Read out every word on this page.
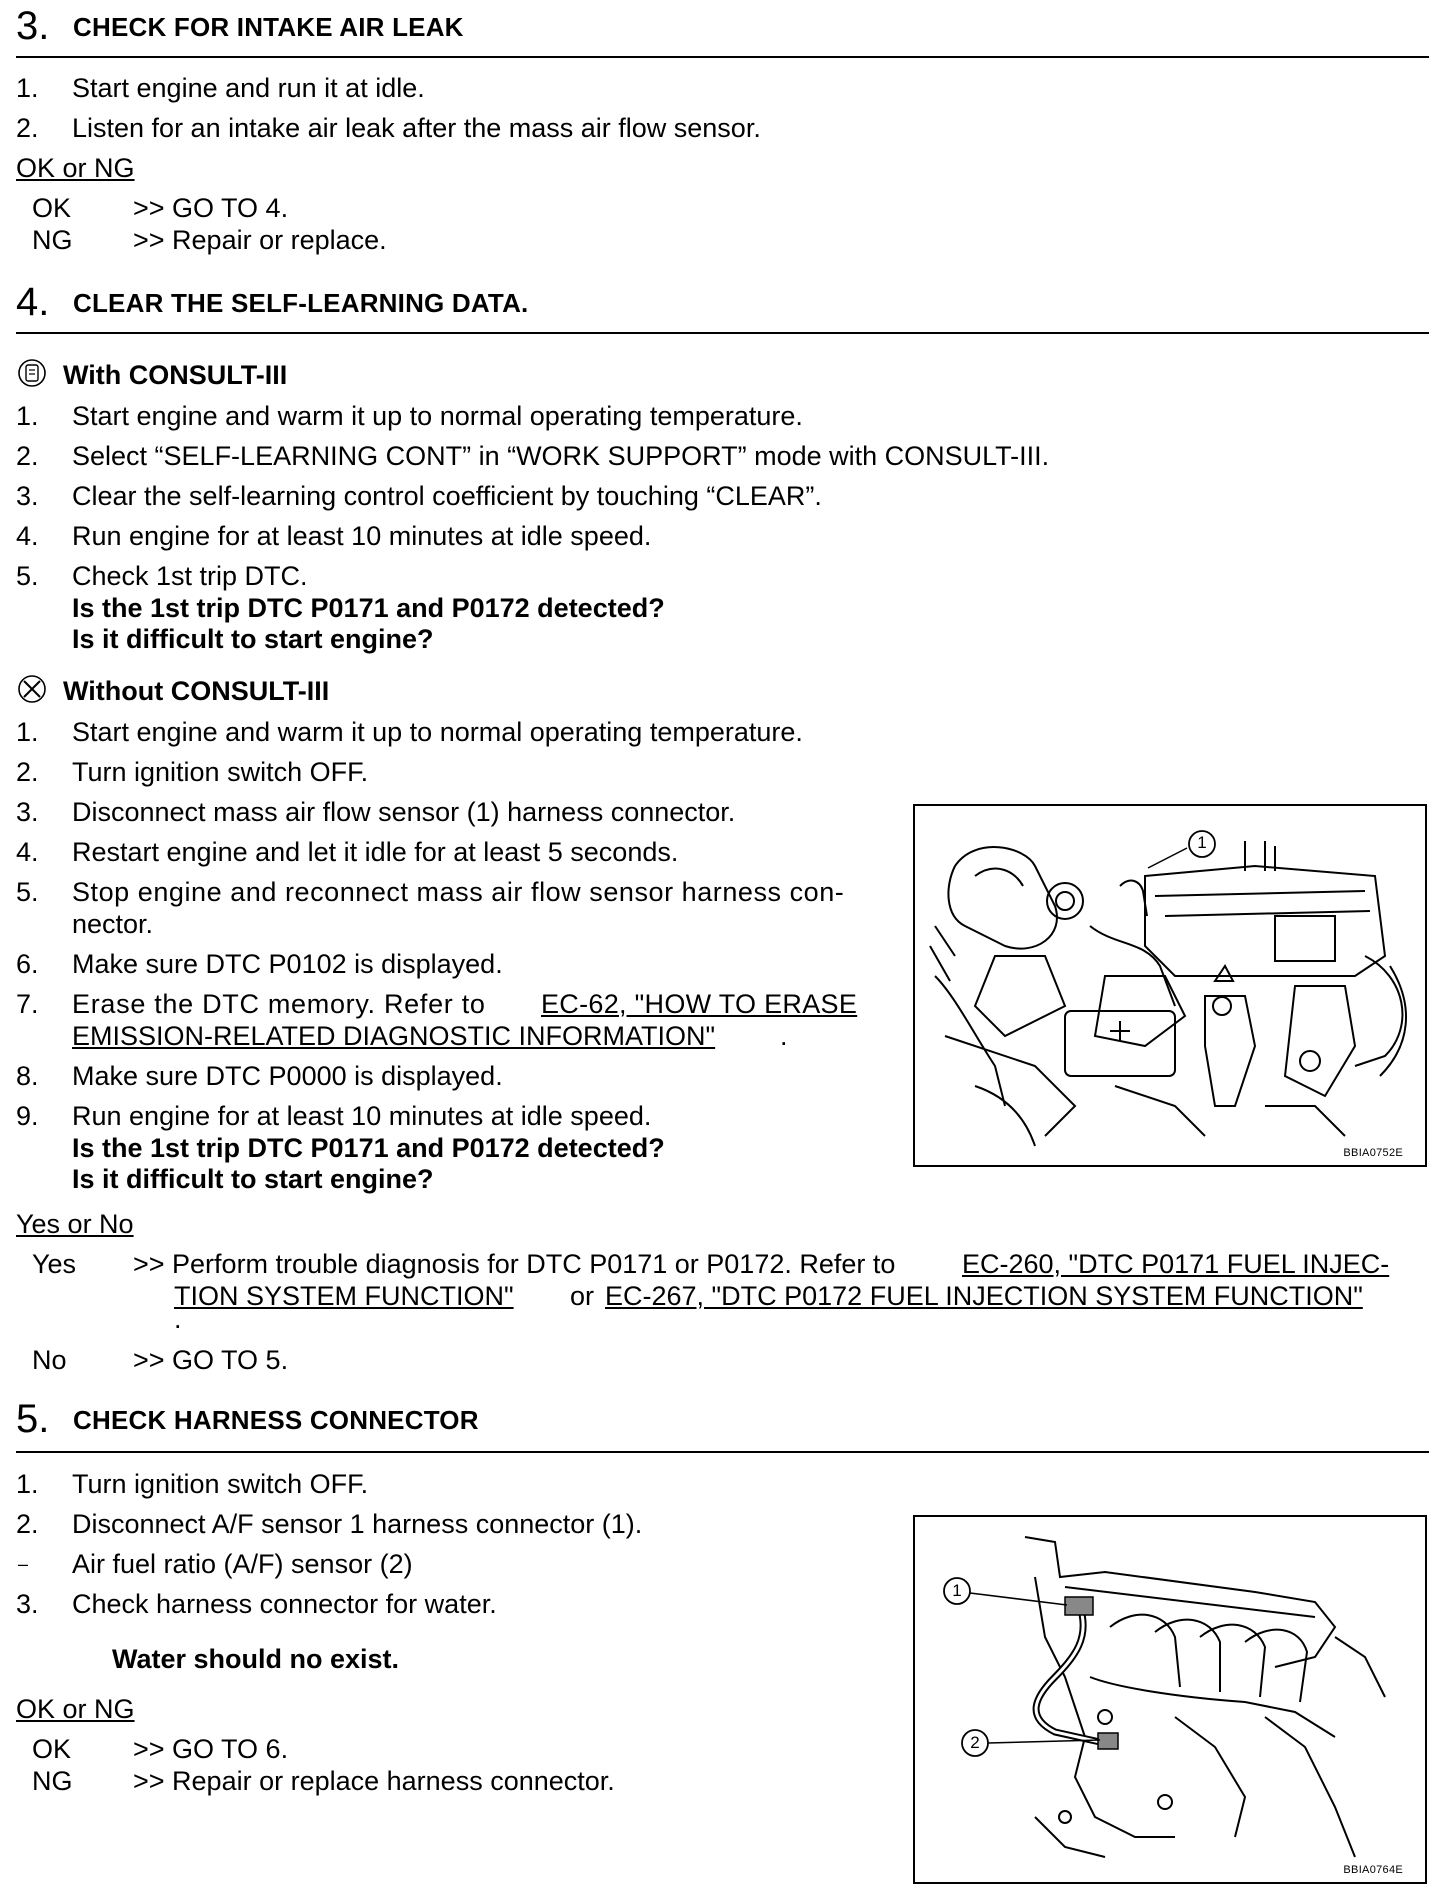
3. CHECK FOR INTAKE AIR LEAK
1. Start engine and run it at idle.
2. Listen for an intake air leak after the mass air flow sensor.
OK or NG
OK >> GO TO 4.
NG >> Repair or replace.
4. CLEAR THE SELF-LEARNING DATA.
With CONSULT-III
1. Start engine and warm it up to normal operating temperature.
2. Select “SELF-LEARNING CONT” in “WORK SUPPORT” mode with CONSULT-III.
3. Clear the self-learning control coefficient by touching “CLEAR”.
4. Run engine for at least 10 minutes at idle speed.
5. Check 1st trip DTC.
Is the 1st trip DTC P0171 and P0172 detected?
Is it difficult to start engine?
Without CONSULT-III
1. Start engine and warm it up to normal operating temperature.
2. Turn ignition switch OFF.
3. Disconnect mass air flow sensor (1) harness connector.
4. Restart engine and let it idle for at least 5 seconds.
5. Stop engine and reconnect mass air flow sensor harness con-
nector.
6. Make sure DTC P0102 is displayed.
7. Erase the DTC memory. Refer to EC-62, "HOW TO ERASE
EMISSION-RELATED DIAGNOSTIC INFORMATION" .
8. Make sure DTC P0000 is displayed.
9. Run engine for at least 10 minutes at idle speed.
Is the 1st trip DTC P0171 and P0172 detected?
Is it difficult to start engine?
1
BBIA0752E
Yes or No
Yes >> Perform trouble diagnosis for DTC P0171 or P0172. Refer to EC-260, "DTC P0171 FUEL INJEC-
TION SYSTEM FUNCTION" or EC-267, "DTC P0172 FUEL INJECTION SYSTEM FUNCTION"
.
No >> GO TO 5.
5. CHECK HARNESS CONNECTOR
1. Turn ignition switch OFF.
2. Disconnect A/F sensor 1 harness connector (1).
– Air fuel ratio (A/F) sensor (2)
3. Check harness connector for water.
Water should no exist.
1
2
BBIA0764E
OK or NG
OK >> GO TO 6.
NG >> Repair or replace harness connector.
